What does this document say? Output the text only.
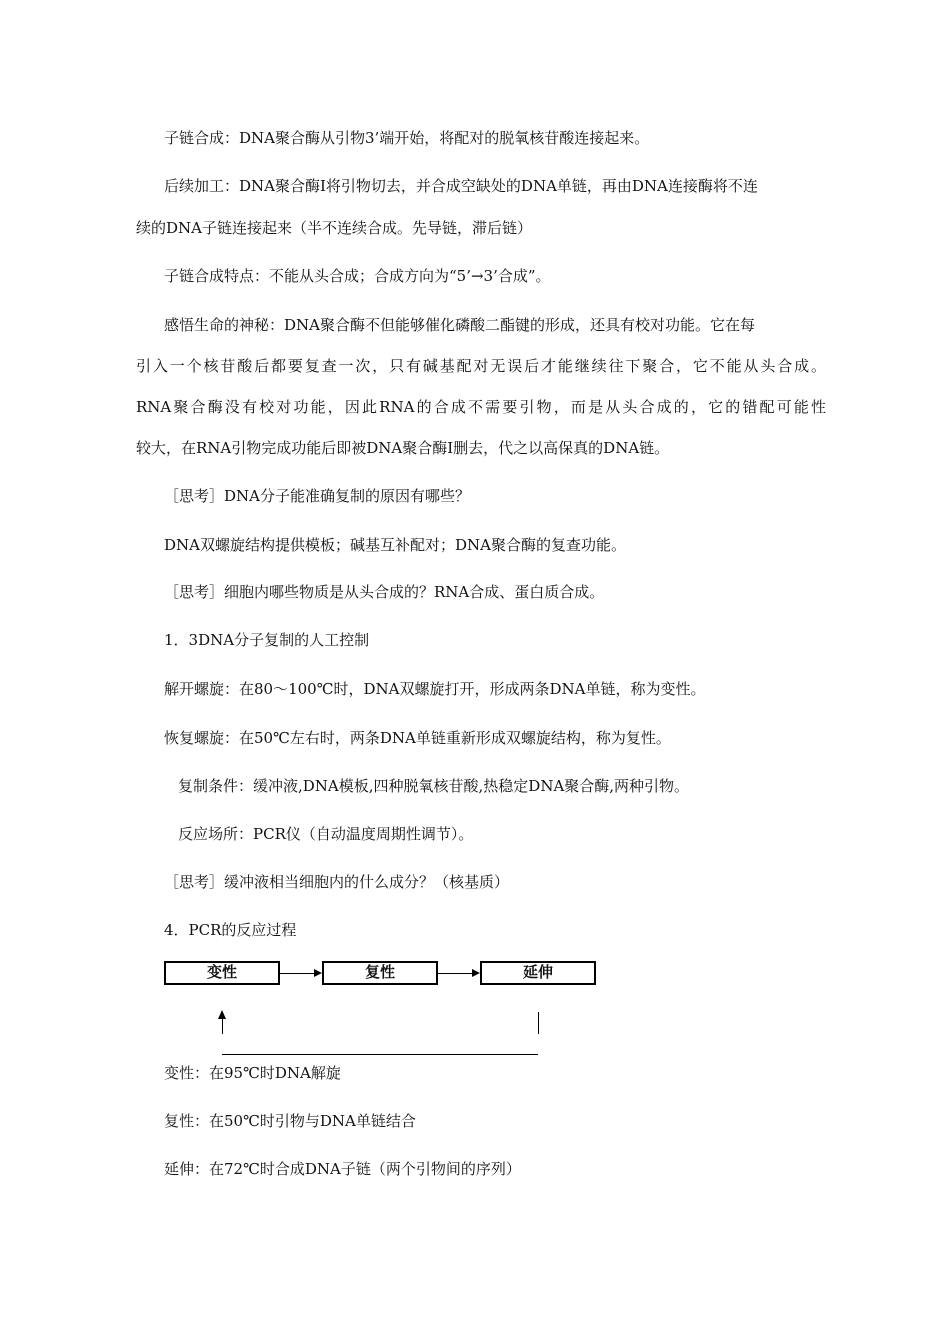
子链合成：DNA聚合酶从引物3’端开始，将配对的脱氧核苷酸连接起来。
后续加工：DNA聚合酶Ⅰ将引物切去，并合成空缺处的DNA单链，再由DNA连接酶将不连
续的DNA子链连接起来（半不连续合成。先导链，滞后链）
子链合成特点：不能从头合成；合成方向为“5’→3’合成”。
感悟生命的神秘：DNA聚合酶不但能够催化磷酸二酯键的形成，还具有校对功能。它在每
引入一个核苷酸后都要复查一次，只有碱基配对无误后才能继续往下聚合，它不能从头合成。
RNA聚合酶没有校对功能，因此RNA的合成不需要引物，而是从头合成的，它的错配可能性
较大，在RNA引物完成功能后即被DNA聚合酶Ⅰ删去，代之以高保真的DNA链。
［思考］DNA分子能准确复制的原因有哪些？
DNA双螺旋结构提供模板；碱基互补配对；DNA聚合酶的复查功能。
［思考］细胞内哪些物质是从头合成的？RNA合成、蛋白质合成。
1．3DNA分子复制的人工控制
解开螺旋：在80～100℃时，DNA双螺旋打开，形成两条DNA单链，称为变性。
恢复螺旋：在50℃左右时，两条DNA单链重新形成双螺旋结构，称为复性。
复制条件：缓冲液,DNA模板,四种脱氧核苷酸,热稳定DNA聚合酶,两种引物。
反应场所：PCR仪（自动温度周期性调节）。
［思考］缓冲液相当细胞内的什么成分？（核基质）
4．PCR的反应过程
变性	复性	延伸
变性：在95℃时DNA解旋
复性：在50℃时引物与DNA单链结合
延伸：在72℃时合成DNA子链（两个引物间的序列）
